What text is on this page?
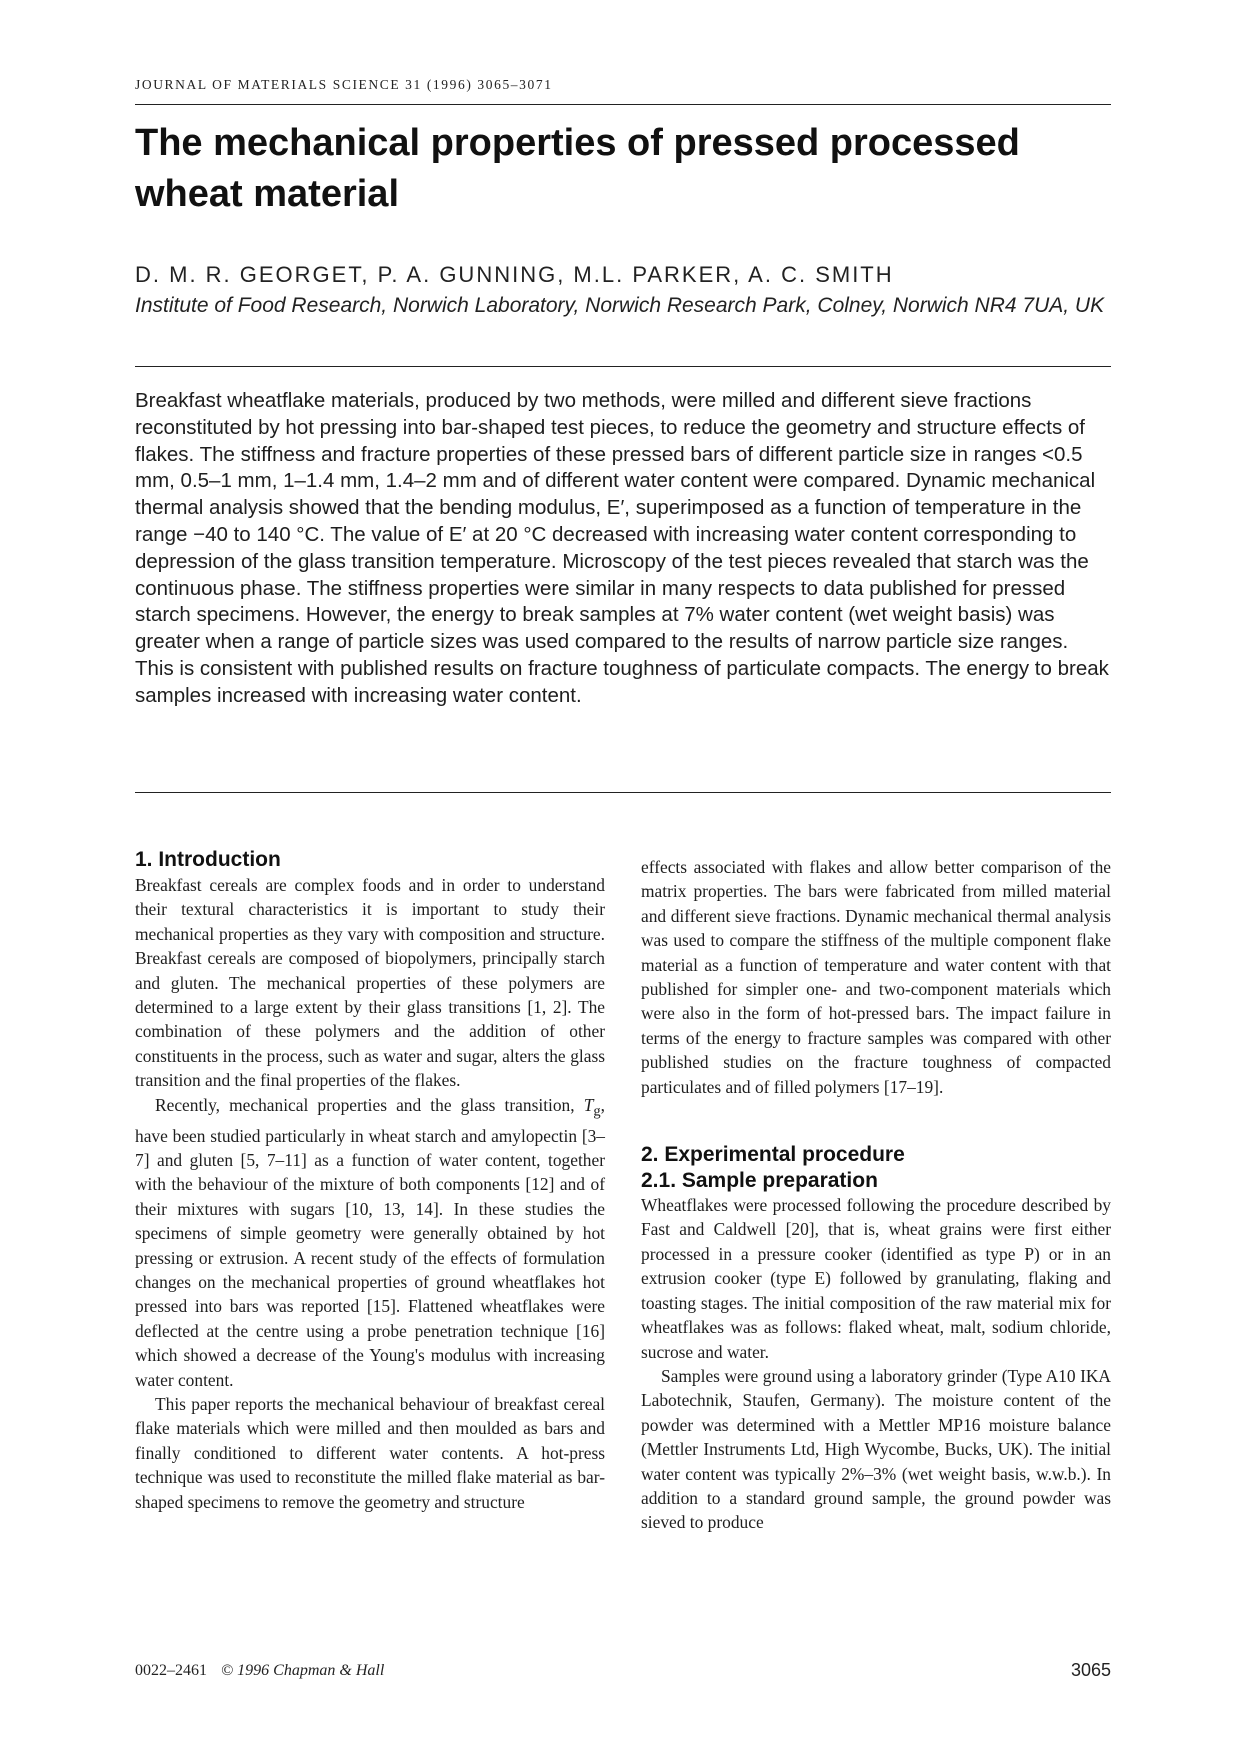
JOURNAL OF MATERIALS SCIENCE 31 (1996) 3065–3071
The mechanical properties of pressed processed wheat material
D. M. R. GEORGET, P. A. GUNNING, M.L. PARKER, A. C. SMITH
Institute of Food Research, Norwich Laboratory, Norwich Research Park, Colney, Norwich NR4 7UA, UK

Breakfast wheatflake materials, produced by two methods, were milled and different sieve fractions reconstituted by hot pressing into bar-shaped test pieces, to reduce the geometry and structure effects of flakes. The stiffness and fracture properties of these pressed bars of different particle size in ranges <0.5 mm, 0.5–1 mm, 1–1.4 mm, 1.4–2 mm and of different water content were compared. Dynamic mechanical thermal analysis showed that the bending modulus, E′, superimposed as a function of temperature in the range −40 to 140 °C. The value of E′ at 20 °C decreased with increasing water content corresponding to depression of the glass transition temperature. Microscopy of the test pieces revealed that starch was the continuous phase. The stiffness properties were similar in many respects to data published for pressed starch specimens. However, the energy to break samples at 7% water content (wet weight basis) was greater when a range of particle sizes was used compared to the results of narrow particle size ranges. This is consistent with published results on fracture toughness of particulate compacts. The energy to break samples increased with increasing water content.

1. Introduction

Breakfast cereals are complex foods and in order to understand their textural characteristics it is important to study their mechanical properties as they vary with composition and structure. Breakfast cereals are composed of biopolymers, principally starch and gluten. The mechanical properties of these polymers are determined to a large extent by their glass transitions [1, 2]. The combination of these polymers and the addition of other constituents in the process, such as water and sugar, alters the glass transition and the final properties of the flakes.

Recently, mechanical properties and the glass transition, $T_g$, have been studied particularly in wheat starch and amylopectin [3–7] and gluten [5, 7–11] as a function of water content, together with the behaviour of the mixture of both components [12] and of their mixtures with sugars [10, 13, 14]. In these studies the specimens of simple geometry were generally obtained by hot pressing or extrusion. A recent study of the effects of formulation changes on the mechanical properties of ground wheatflakes hot pressed into bars was reported [15]. Flattened wheatflakes were deflected at the centre using a probe penetration technique [16] which showed a decrease of the Young's modulus with increasing water content.

This paper reports the mechanical behaviour of breakfast cereal flake materials which were milled and then moulded as bars and finally conditioned to different water contents. A hot-press technique was used to reconstitute the milled flake material as bar-shaped specimens to remove the geometry and structure

effects associated with flakes and allow better comparison of the matrix properties. The bars were fabricated from milled material and different sieve fractions. Dynamic mechanical thermal analysis was used to compare the stiffness of the multiple component flake material as a function of temperature and water content with that published for simpler one- and two-component materials which were also in the form of hot-pressed bars. The impact failure in terms of the energy to fracture samples was compared with other published studies on the fracture toughness of compacted particulates and of filled polymers [17–19].

2. Experimental procedure
2.1. Sample preparation

Wheatflakes were processed following the procedure described by Fast and Caldwell [20], that is, wheat grains were first either processed in a pressure cooker (identified as type P) or in an extrusion cooker (type E) followed by granulating, flaking and toasting stages. The initial composition of the raw material mix for wheatflakes was as follows: flaked wheat, malt, sodium chloride, sucrose and water.

Samples were ground using a laboratory grinder (Type A10 IKA Labotechnik, Staufen, Germany). The moisture content of the powder was determined with a Mettler MP16 moisture balance (Mettler Instruments Ltd, High Wycombe, Bucks, UK). The initial water content was typically 2%–3% (wet weight basis, w.w.b.). In addition to a standard ground sample, the ground powder was sieved to produce

0022–2461 © 1996 Chapman & Hall	3065
